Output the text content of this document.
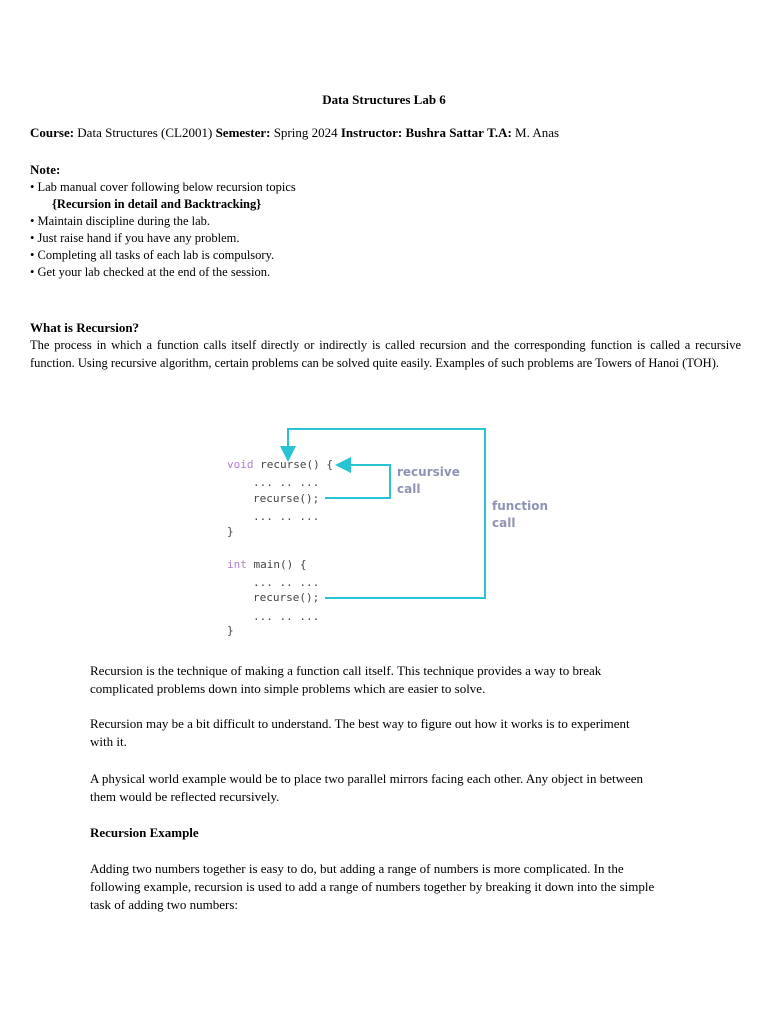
Data Structures Lab 6
Course: Data Structures (CL2001) Semester: Spring 2024 Instructor: Bushra Sattar T.A: M. Anas
Note:
• Lab manual cover following below recursion topics
{Recursion in detail and Backtracking}
• Maintain discipline during the lab.
• Just raise hand if you have any problem.
• Completing all tasks of each lab is compulsory.
• Get your lab checked at the end of the session.
What is Recursion?
The process in which a function calls itself directly or indirectly is called recursion and the corresponding function is called a recursive function. Using recursive algorithm, certain problems can be solved quite easily. Examples of such problems are Towers of Hanoi (TOH).
void recurse() {
... .. ...
recurse();
... .. ...
}
int main() {
... .. ...
recurse();
... .. ...
}
recursive
call
function
call
Recursion is the technique of making a function call itself. This technique provides a way to break complicated problems down into simple problems which are easier to solve.
Recursion may be a bit difficult to understand. The best way to figure out how it works is to experiment with it.
A physical world example would be to place two parallel mirrors facing each other. Any object in between them would be reflected recursively.
Recursion Example
Adding two numbers together is easy to do, but adding a range of numbers is more complicated. In the following example, recursion is used to add a range of numbers together by breaking it down into the simple task of adding two numbers:
